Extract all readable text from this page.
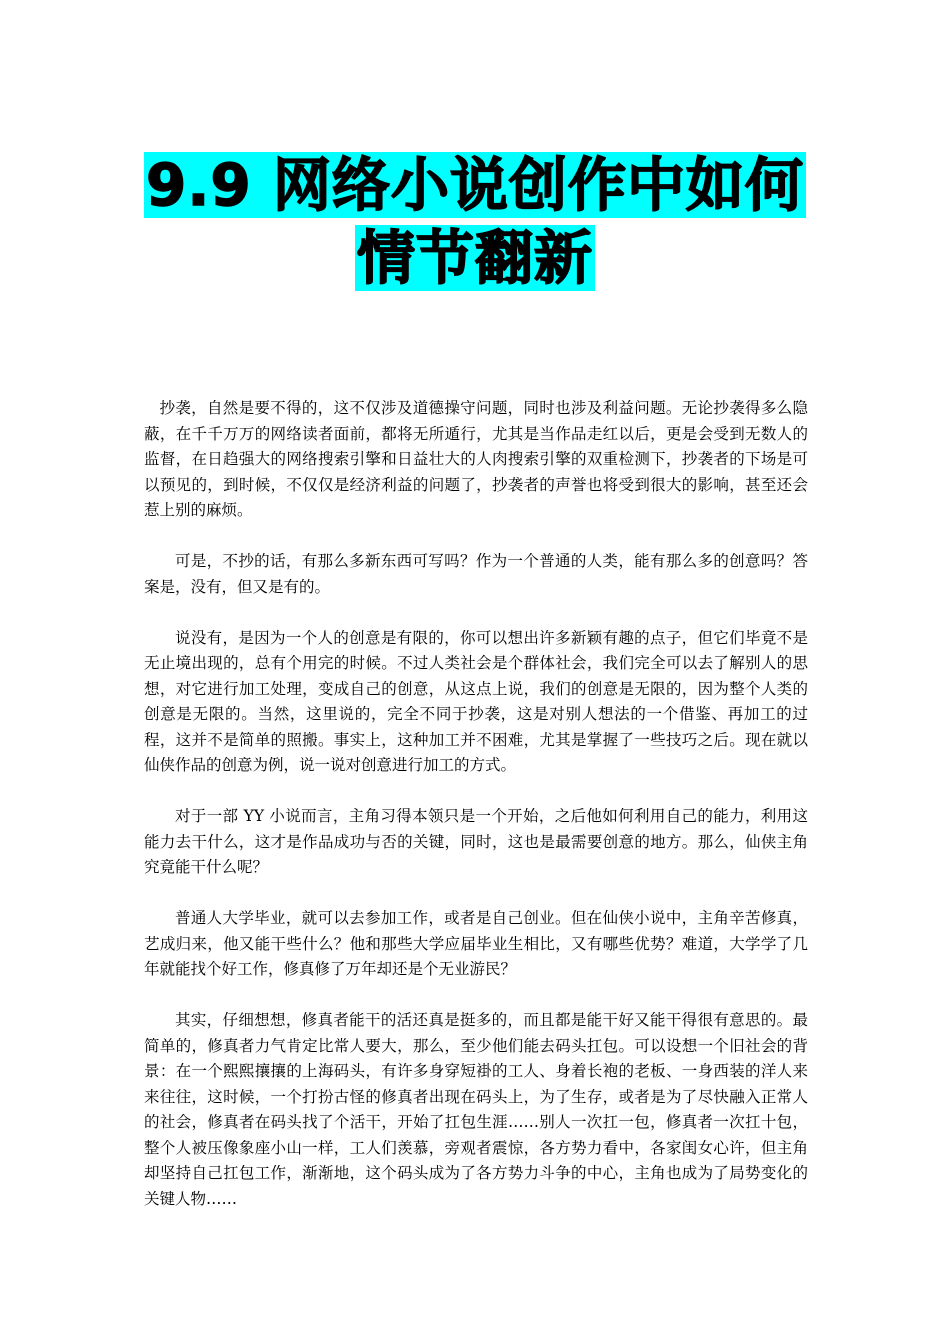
9.9 网络小说创作中如何
情节翻新

抄袭，自然是要不得的，这不仅涉及道德操守问题，同时也涉及利益问题。无论抄袭得多么隐蔽，在千千万万的网络读者面前，都将无所遁行，尤其是当作品走红以后，更是会受到无数人的监督，在日趋强大的网络搜索引擎和日益壮大的人肉搜索引擎的双重检测下，抄袭者的下场是可以预见的，到时候，不仅仅是经济利益的问题了，抄袭者的声誉也将受到很大的影响，甚至还会惹上别的麻烦。

可是，不抄的话，有那么多新东西可写吗？作为一个普通的人类，能有那么多的创意吗？答案是，没有，但又是有的。

说没有，是因为一个人的创意是有限的，你可以想出许多新颖有趣的点子，但它们毕竟不是无止境出现的，总有个用完的时候。不过人类社会是个群体社会，我们完全可以去了解别人的思想，对它进行加工处理，变成自己的创意，从这点上说，我们的创意是无限的，因为整个人类的创意是无限的。当然，这里说的，完全不同于抄袭，这是对别人想法的一个借鉴、再加工的过程，这并不是简单的照搬。事实上，这种加工并不困难，尤其是掌握了一些技巧之后。现在就以仙侠作品的创意为例，说一说对创意进行加工的方式。

对于一部 YY 小说而言，主角习得本领只是一个开始，之后他如何利用自己的能力，利用这能力去干什么，这才是作品成功与否的关键，同时，这也是最需要创意的地方。那么，仙侠主角究竟能干什么呢？

普通人大学毕业，就可以去参加工作，或者是自己创业。但在仙侠小说中，主角辛苦修真，艺成归来，他又能干些什么？他和那些大学应届毕业生相比，又有哪些优势？难道，大学学了几年就能找个好工作，修真修了万年却还是个无业游民？

其实，仔细想想，修真者能干的活还真是挺多的，而且都是能干好又能干得很有意思的。最简单的，修真者力气肯定比常人要大，那么，至少他们能去码头扛包。可以设想一个旧社会的背景：在一个熙熙攘攘的上海码头，有许多身穿短褂的工人、身着长袍的老板、一身西装的洋人来来往往，这时候，一个打扮古怪的修真者出现在码头上，为了生存，或者是为了尽快融入正常人的社会，修真者在码头找了个活干，开始了扛包生涯……别人一次扛一包，修真者一次扛十包，整个人被压像象座小山一样，工人们羡慕，旁观者震惊，各方势力看中，各家闺女心许，但主角却坚持自己扛包工作，渐渐地，这个码头成为了各方势力斗争的中心，主角也成为了局势变化的关键人物……
